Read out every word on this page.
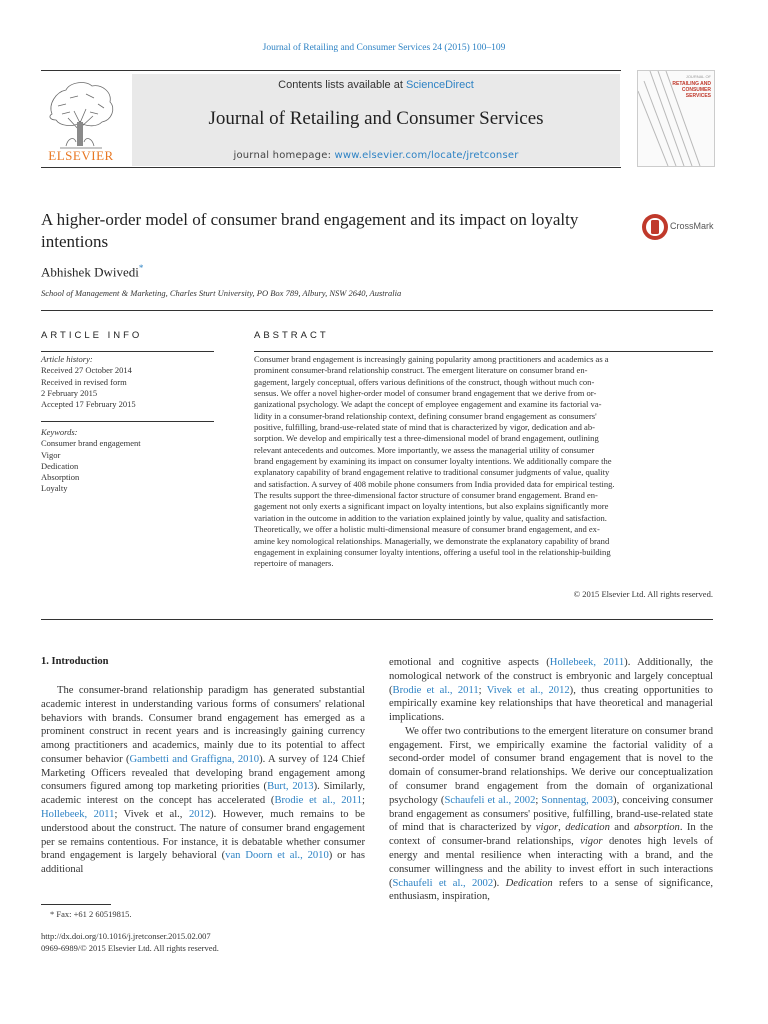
Journal of Retailing and Consumer Services 24 (2015) 100–109
Contents lists available at ScienceDirect
Journal of Retailing and Consumer Services
journal homepage: www.elsevier.com/locate/jretconser
ELSEVIER
JOURNAL OF
RETAILING AND CONSUMER SERVICES
A higher-order model of consumer brand engagement and its impact on loyalty intentions
CrossMark
Abhishek Dwivedi*
School of Management & Marketing, Charles Sturt University, PO Box 789, Albury, NSW 2640, Australia
ARTICLE INFO
Article history:
Received 27 October 2014
Received in revised form
2 February 2015
Accepted 17 February 2015
Keywords:
Consumer brand engagement
Vigor
Dedication
Absorption
Loyalty
ABSTRACT
Consumer brand engagement is increasingly gaining popularity among practitioners and academics as a
prominent consumer-brand relationship construct. The emergent literature on consumer brand en-
gagement, largely conceptual, offers various definitions of the construct, though without much con-
sensus. We offer a novel higher-order model of consumer brand engagement that we derive from or-
ganizational psychology. We adapt the concept of employee engagement and examine its factorial va-
lidity in a consumer-brand relationship context, defining consumer brand engagement as consumers'
positive, fulfilling, brand-use-related state of mind that is characterized by vigor, dedication and ab-
sorption. We develop and empirically test a three-dimensional model of brand engagement, outlining
relevant antecedents and outcomes. More importantly, we assess the managerial utility of consumer
brand engagement by examining its impact on consumer loyalty intentions. We additionally compare the
explanatory capability of brand engagement relative to traditional consumer judgments of value, quality
and satisfaction. A survey of 408 mobile phone consumers from India provided data for empirical testing.
The results support the three-dimensional factor structure of consumer brand engagement. Brand en-
gagement not only exerts a significant impact on loyalty intentions, but also explains significantly more
variation in the outcome in addition to the variation explained jointly by value, quality and satisfaction.
Theoretically, we offer a holistic multi-dimensional measure of consumer brand engagement, and ex-
amine key nomological relationships. Managerially, we demonstrate the explanatory capability of brand
engagement in explaining consumer loyalty intentions, offering a useful tool in the relationship-building
repertoire of managers.
© 2015 Elsevier Ltd. All rights reserved.
1. Introduction

The consumer-brand relationship paradigm has generated substantial academic interest in understanding various forms of consumers' relational behaviors with brands. Consumer brand engagement has emerged as a prominent construct in recent years and is increasingly gaining currency among practitioners and academics, mainly due to its potential to affect consumer behavior (Gambetti and Graffigna, 2010). A survey of 124 Chief Marketing Officers revealed that developing brand engagement among consumers figured among top marketing priorities (Burt, 2013). Similarly, academic interest on the concept has accelerated (Brodie et al., 2011; Hollebeek, 2011; Vivek et al., 2012). However, much remains to be understood about the construct. The nature of consumer brand engagement per se remains contentious. For instance, it is debatable whether consumer brand engagement is largely behavioral (van Doorn et al., 2010) or has additional

emotional and cognitive aspects (Hollebeek, 2011). Additionally, the nomological network of the construct is embryonic and largely conceptual (Brodie et al., 2011; Vivek et al., 2012), thus creating opportunities to empirically examine key relationships that have theoretical and managerial implications.

We offer two contributions to the emergent literature on consumer brand engagement. First, we empirically examine the factorial validity of a second-order model of consumer brand engagement that is novel to the domain of consumer-brand relationships. We derive our conceptualization of consumer brand engagement from the domain of organizational psychology (Schaufeli et al., 2002; Sonnentag, 2003), conceiving consumer brand engagement as consumers' positive, fulfilling, brand-use-related state of mind that is characterized by vigor, dedication and absorption. In the context of consumer-brand relationships, vigor denotes high levels of energy and mental resilience when interacting with a brand, and the consumer willingness and the ability to invest effort in such interactions (Schaufeli et al., 2002). Dedication refers to a sense of significance, enthusiasm, inspiration,

* Fax: +61 2 60519815.
http://dx.doi.org/10.1016/j.jretconser.2015.02.007
0969-6989/© 2015 Elsevier Ltd. All rights reserved.
